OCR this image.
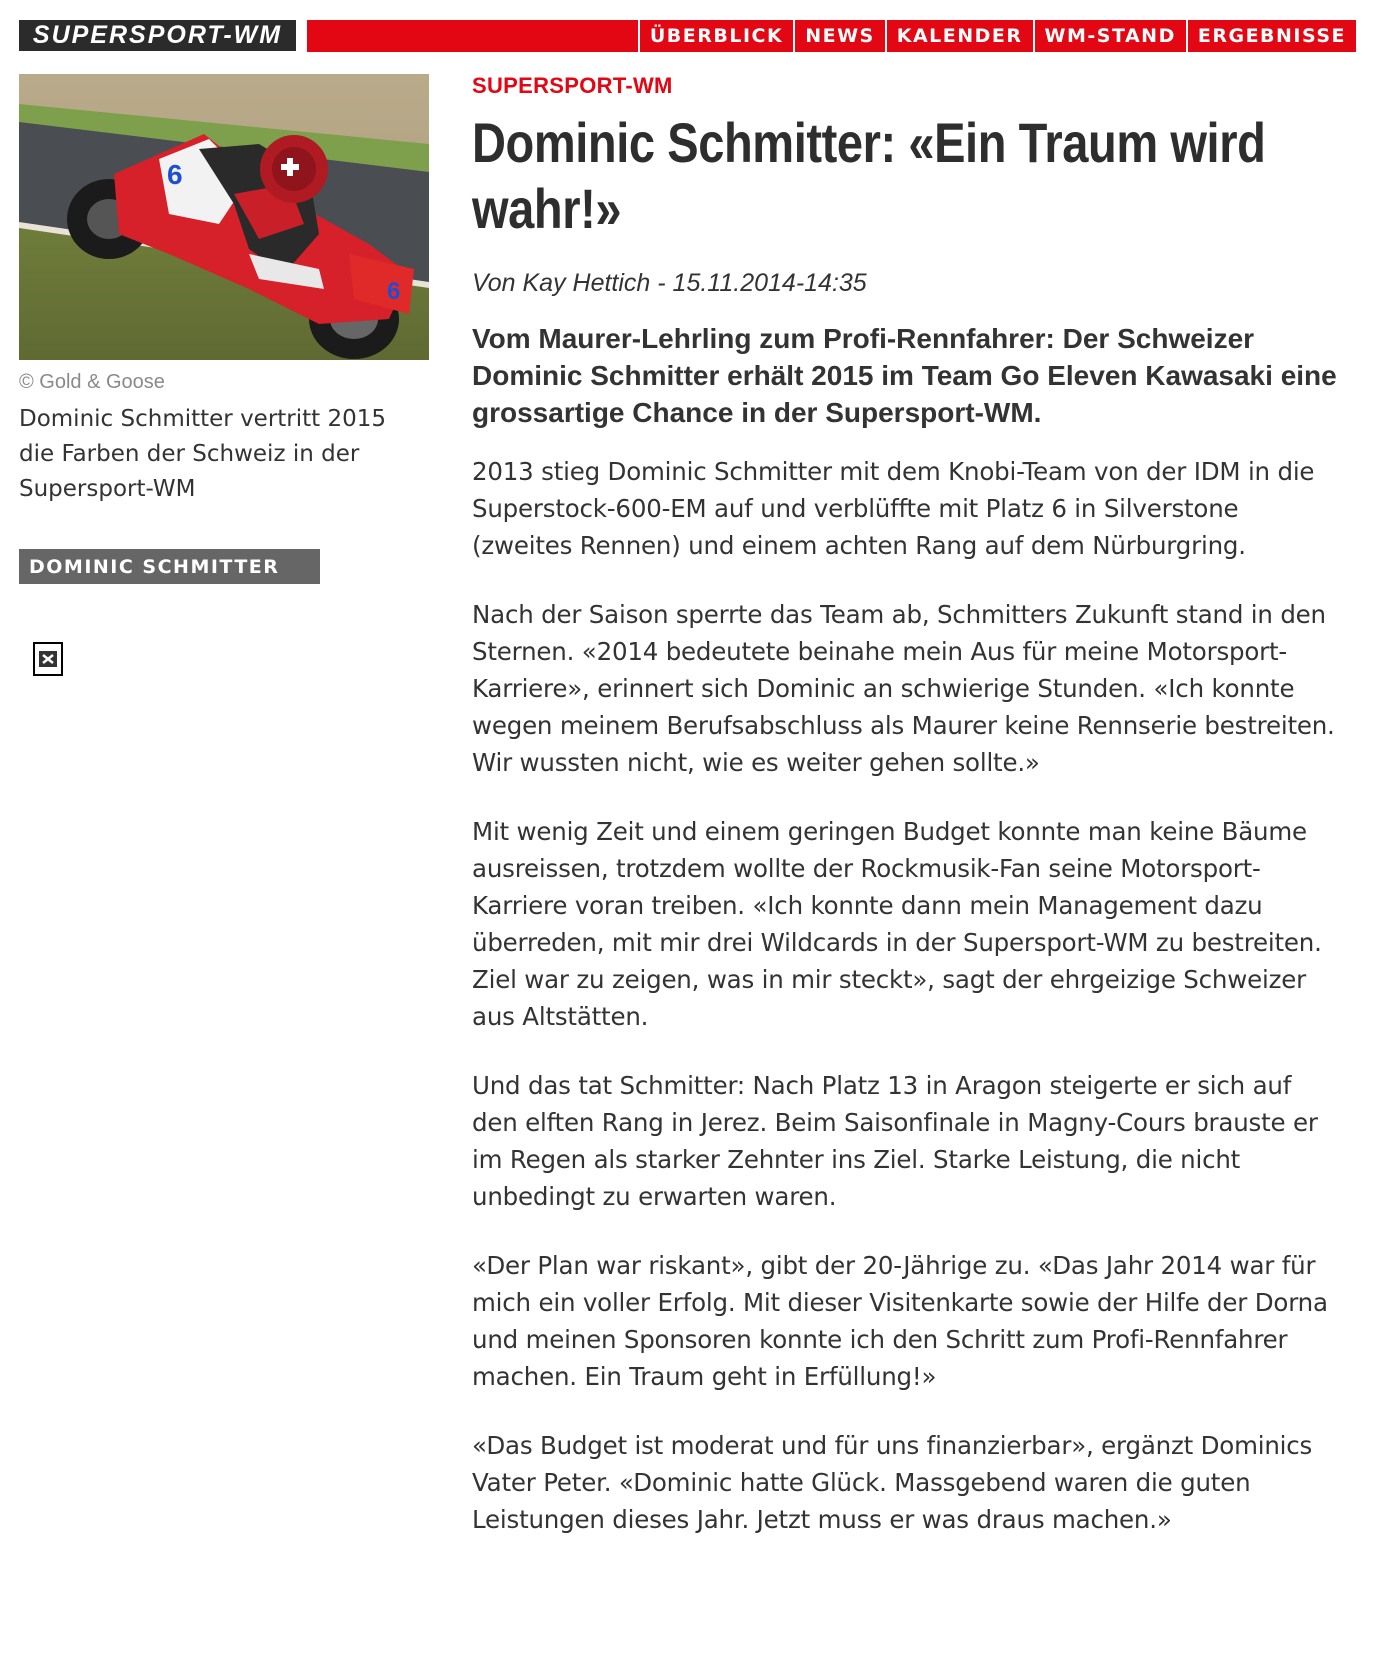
SUPERSPORT-WM	ÜBERBLICK	NEWS	KALENDER	WM-STAND	ERGEBNISSE
6
6
© Gold & Goose
Dominic Schmitter vertritt 2015 die Farben der Schweiz in der Supersport-WM
DOMINIC SCHMITTER
SUPERSPORT-WM
Dominic Schmitter: «Ein Traum wird wahr!»
Von Kay Hettich - 15.11.2014-14:35
Vom Maurer-Lehrling zum Profi-Rennfahrer: Der Schweizer Dominic Schmitter erhält 2015 im Team Go Eleven Kawasaki eine grossartige Chance in der Supersport-WM.

2013 stieg Dominic Schmitter mit dem Knobi-Team von der IDM in die Superstock-600-EM auf und verblüffte mit Platz 6 in Silverstone (zweites Rennen) und einem achten Rang auf dem Nürburgring.

Nach der Saison sperrte das Team ab, Schmitters Zukunft stand in den Sternen. «2014 bedeutete beinahe mein Aus für meine Motorsport-Karriere», erinnert sich Dominic an schwierige Stunden. «Ich konnte wegen meinem Berufsabschluss als Maurer keine Rennserie bestreiten. Wir wussten nicht, wie es weiter gehen sollte.»

Mit wenig Zeit und einem geringen Budget konnte man keine Bäume ausreissen, trotzdem wollte der Rockmusik-Fan seine Motorsport-Karriere voran treiben. «Ich konnte dann mein Management dazu überreden, mit mir drei Wildcards in der Supersport-WM zu bestreiten. Ziel war zu zeigen, was in mir steckt», sagt der ehrgeizige Schweizer aus Altstätten.

Und das tat Schmitter: Nach Platz 13 in Aragon steigerte er sich auf den elften Rang in Jerez. Beim Saisonfinale in Magny-Cours brauste er im Regen als starker Zehnter ins Ziel. Starke Leistung, die nicht unbedingt zu erwarten waren.

«Der Plan war riskant», gibt der 20-Jährige zu. «Das Jahr 2014 war für mich ein voller Erfolg. Mit dieser Visitenkarte sowie der Hilfe der Dorna und meinen Sponsoren konnte ich den Schritt zum Profi-Rennfahrer machen. Ein Traum geht in Erfüllung!»

«Das Budget ist moderat und für uns finanzierbar», ergänzt Dominics Vater Peter. «Dominic hatte Glück. Massgebend waren die guten Leistungen dieses Jahr. Jetzt muss er was draus machen.»
